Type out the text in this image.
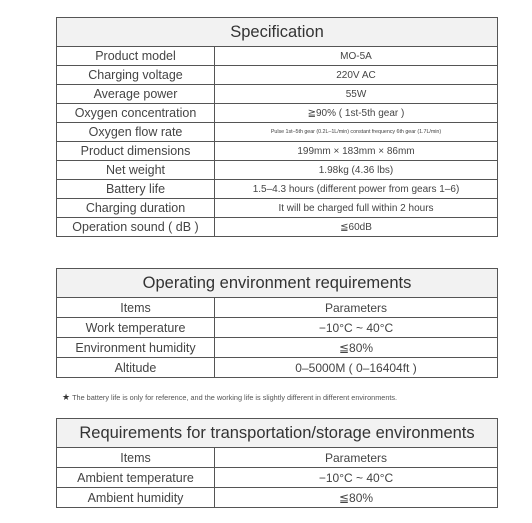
Specification	
Product model	MO-5A
Charging voltage	220V AC
Average power	55W
Oxygen concentration	≧90% ( 1st-5th gear )
Oxygen flow rate	Pulse 1st–5th gear (0.2L–1L/min) constant frequency 6th gear (1.7L/min)
Product dimensions	199mm × 183mm × 86mm
Net weight	1.98kg (4.36 lbs)
Battery life	1.5–4.3 hours (different power from gears 1–6)
Charging duration	It will be charged full within 2 hours
Operation sound ( dB )	≦60dB
Operating environment requirements	
Items	Parameters
Work temperature	−10°C ~ 40°C
Environment humidity	≦80%
Altitude	0–5000M ( 0–16404ft )
★ The battery life is only for reference, and the working life is slightly different in different environments.
Requirements for transportation/storage environments	
Items	Parameters
Ambient temperature	−10°C ~ 40°C
Ambient humidity	≦80%
